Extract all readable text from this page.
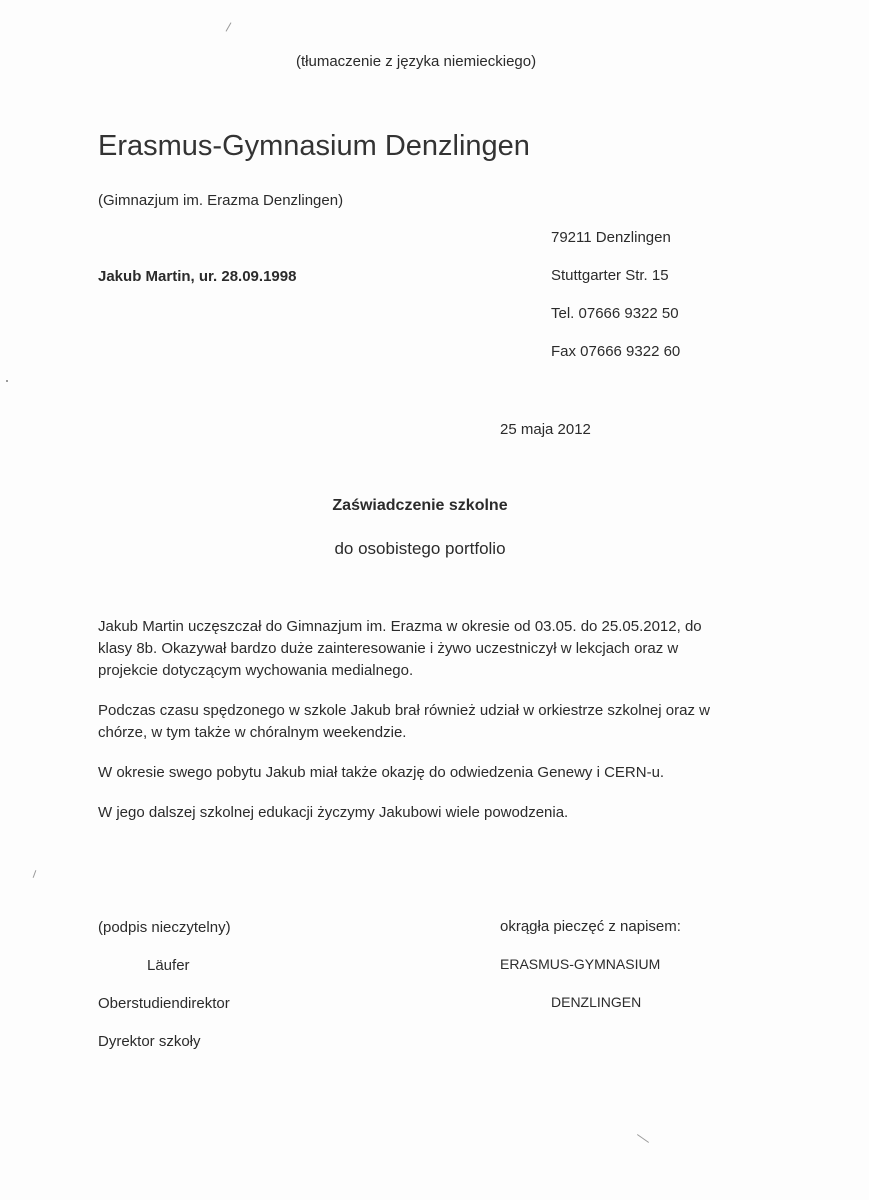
(tłumaczenie z języka niemieckiego)
Erasmus-Gymnasium Denzlingen
(Gimnazjum im. Erazma Denzlingen)
Jakub Martin, ur. 28.09.1998
79211 Denzlingen
Stuttgarter Str. 15
Tel. 07666 9322 50
Fax 07666 9322 60
25 maja 2012
Zaświadczenie szkolne
do osobistego portfolio

Jakub Martin uczęszczał do Gimnazjum im. Erazma w okresie od 03.05. do 25.05.2012, do klasy 8b. Okazywał bardzo duże zainteresowanie i żywo uczestniczył w lekcjach oraz w projekcie dotyczącym wychowania medialnego.

Podczas czasu spędzonego w szkole Jakub brał również udział w orkiestrze szkolnej oraz w chórze, w tym także w chóralnym weekendzie.

W okresie swego pobytu Jakub miał także okazję do odwiedzenia Genewy i CERN-u.

W jego dalszej szkolnej edukacji życzymy Jakubowi wiele powodzenia.

(podpis nieczytelny)
Läufer
Oberstudiendirektor
Dyrektor szkoły
okrągła pieczęć z napisem:
ERASMUS-GYMNASIUM
DENZLINGEN
